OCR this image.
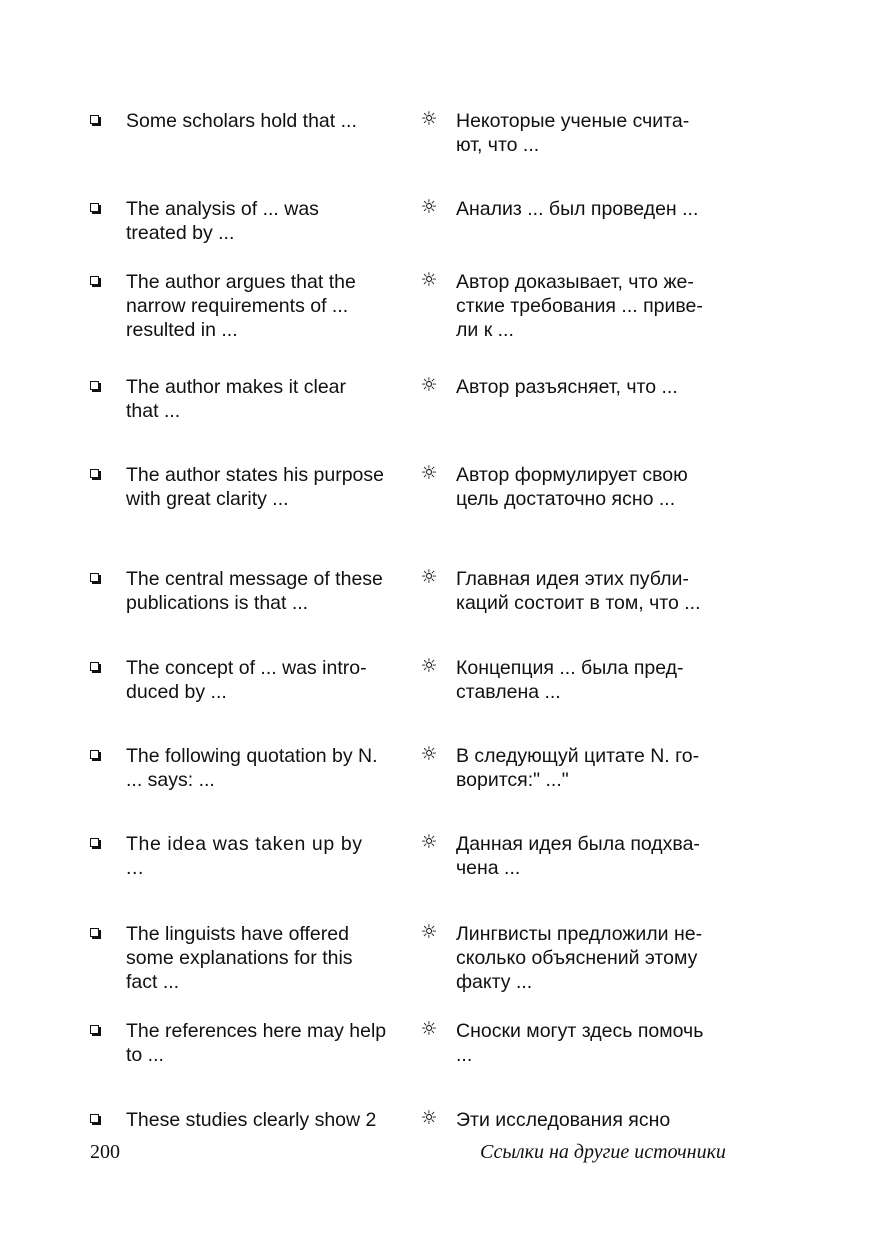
Some scholars hold that ...	☼ Некоторые ученые счита-
ют, что ...
The analysis of ... was
treated by ...
☼ Анализ ... был проведен ...
The author argues that the
narrow requirements of ...
resulted in ...
☼ Автор доказывает, что же-
сткие требования ... приве-
ли к ...
The author makes it clear
that ...
☼ Автор разъясняет, что ...
The author states his purpose
with great clarity ...
☼ Автор формулирует свою
цель достаточно ясно ...
The central message of these
publications is that ...
☼ Главная идея этих публи-
каций состоит в том, что ...
The concept of ... was intro-
duced by ...
☼ Концепция ... была пред-
ставлена ...
The following quotation by N.
... says: ...
☼ В следующуй цитате N. го-
ворится:" ..."
The idea was taken up by
...
☼ Данная идея была подхва-
чена ...
The linguists have offered
some explanations for this
fact ...
☼ Лингвисты предложили не-
сколько объяснений этому
факту ...
The references here may help
to ...
☼ Сноски могут здесь помочь
...
These studies clearly show 2	☼ Эти исследования ясно
200	Ссылки на другие источники
